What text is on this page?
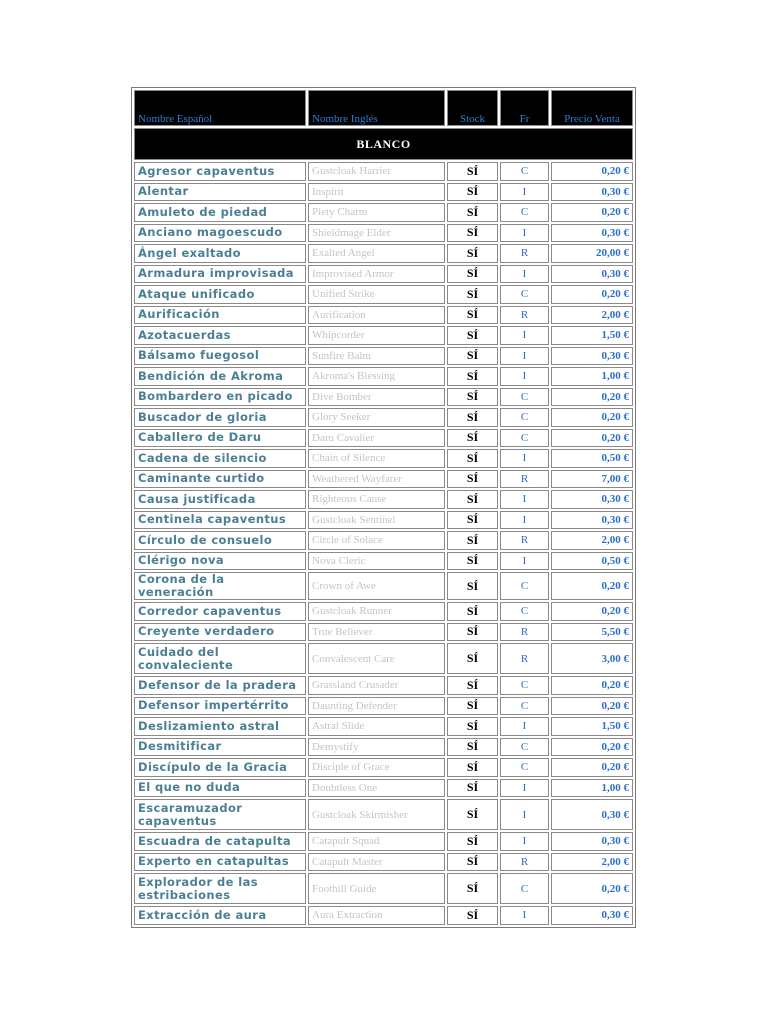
Nombre Español	Nombre Inglés	Stock	Fr	Precio Venta
BLANCO				
Agresor capaventus	Gustcloak Harrier	SÍ	C	0,20 €
Alentar	Inspirit	SÍ	I	0,30 €
Amuleto de piedad	Piety Charm	SÍ	C	0,20 €
Anciano magoescudo	Shieldmage Elder	SÍ	I	0,30 €
Ángel exaltado	Exalted Angel	SÍ	R	20,00 €
Armadura improvisada	Improvised Armor	SÍ	I	0,30 €
Ataque unificado	Unified Strike	SÍ	C	0,20 €
Aurificación	Aurification	SÍ	R	2,00 €
Azotacuerdas	Whipcorder	SÍ	I	1,50 €
Bálsamo fuegosol	Sunfire Balm	SÍ	I	0,30 €
Bendición de Akroma	Akroma's Blessing	SÍ	I	1,00 €
Bombardero en picado	Dive Bomber	SÍ	C	0,20 €
Buscador de gloria	Glory Seeker	SÍ	C	0,20 €
Caballero de Daru	Daru Cavalier	SÍ	C	0,20 €
Cadena de silencio	Chain of Silence	SÍ	I	0,50 €
Caminante curtido	Weathered Wayfarer	SÍ	R	7,00 €
Causa justificada	Righteous Cause	SÍ	I	0,30 €
Centinela capaventus	Gustcloak Sentinel	SÍ	I	0,30 €
Círculo de consuelo	Circle of Solace	SÍ	R	2,00 €
Clérigo nova	Nova Cleric	SÍ	I	0,50 €
Corona de la veneración	Crown of Awe	SÍ	C	0,20 €
Corredor capaventus	Gustcloak Runner	SÍ	C	0,20 €
Creyente verdadero	True Believer	SÍ	R	5,50 €
Cuidado del convaleciente	Convalescent Care	SÍ	R	3,00 €
Defensor de la pradera	Grassland Crusader	SÍ	C	0,20 €
Defensor impertérrito	Daunting Defender	SÍ	C	0,20 €
Deslizamiento astral	Astral Slide	SÍ	I	1,50 €
Desmitificar	Demystify	SÍ	C	0,20 €
Discípulo de la Gracia	Disciple of Grace	SÍ	C	0,20 €
El que no duda	Doubtless One	SÍ	I	1,00 €
Escaramuzador capaventus	Gustcloak Skirmisher	SÍ	I	0,30 €
Escuadra de catapulta	Catapult Squad	SÍ	I	0,30 €
Experto en catapultas	Catapult Master	SÍ	R	2,00 €
Explorador de las estribaciones	Foothill Guide	SÍ	C	0,20 €
Extracción de aura	Aura Extraction	SÍ	I	0,30 €
